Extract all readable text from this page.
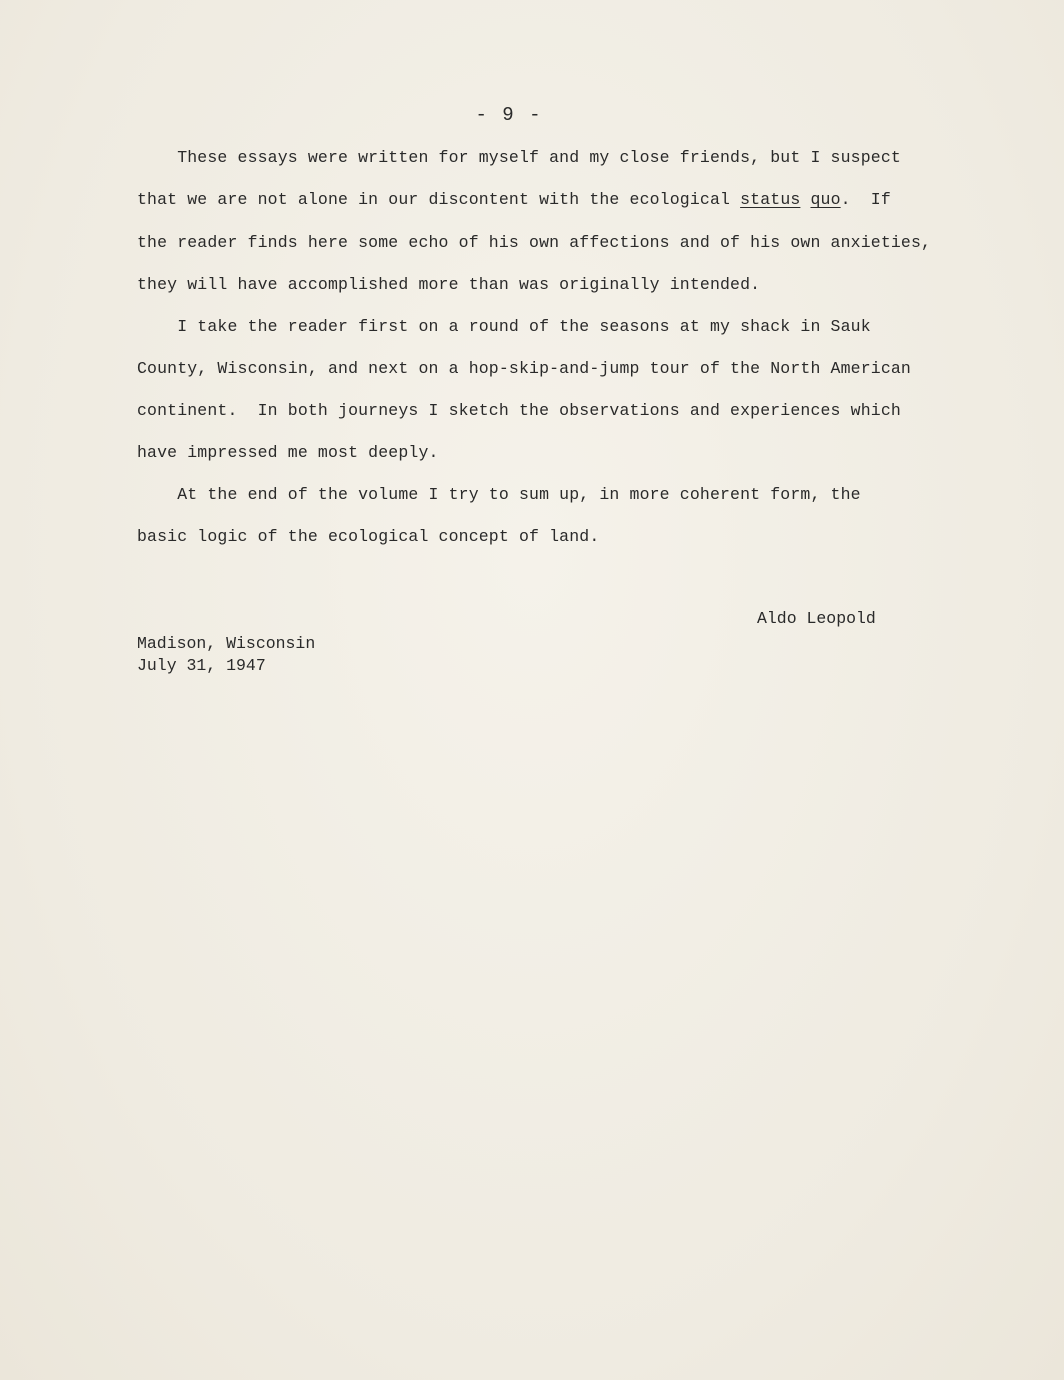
- 9 -
These essays were written for myself and my close friends, but I suspect
that we are not alone in our discontent with the ecological status quo.  If
the reader finds here some echo of his own affections and of his own anxieties,
they will have accomplished more than was originally intended.
I take the reader first on a round of the seasons at my shack in Sauk
County, Wisconsin, and next on a hop-skip-and-jump tour of the North American
continent.  In both journeys I sketch the observations and experiences which
have impressed me most deeply.
At the end of the volume I try to sum up, in more coherent form, the
basic logic of the ecological concept of land.
Aldo Leopold
Madison, Wisconsin
July 31, 1947
